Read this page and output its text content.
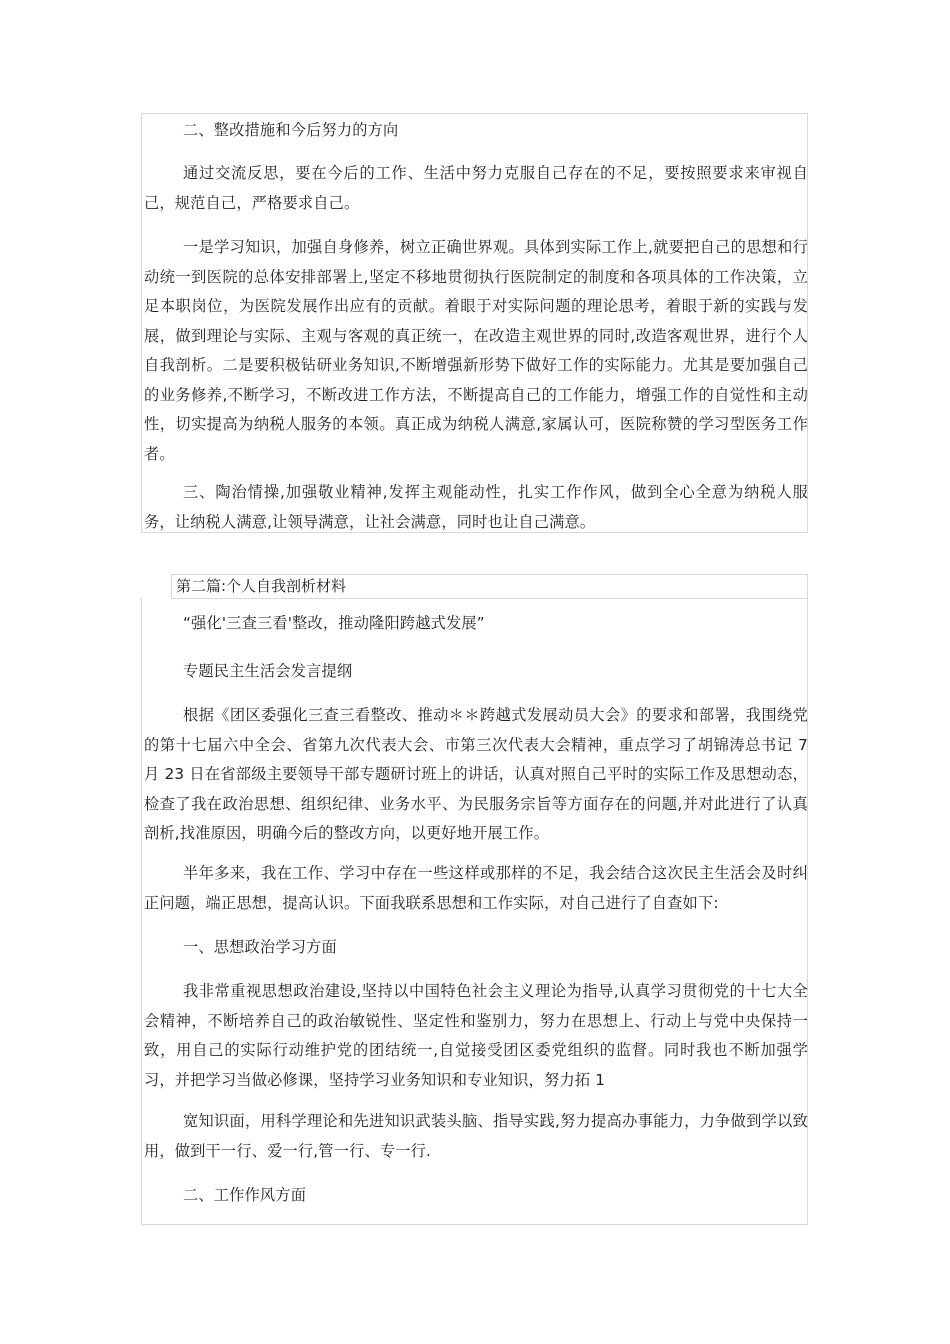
二、整改措施和今后努力的方向

通过交流反思，要在今后的工作、生活中努力克服自己存在的不足，要按照要求来审视自己，规范自己，严格要求自己。

一是学习知识，加强自身修养，树立正确世界观。具体到实际工作上,就要把自己的思想和行动统一到医院的总体安排部署上,坚定不移地贯彻执行医院制定的制度和各项具体的工作决策，立足本职岗位，为医院发展作出应有的贡献。着眼于对实际问题的理论思考，着眼于新的实践与发展，做到理论与实际、主观与客观的真正统一，在改造主观世界的同时,改造客观世界，进行个人自我剖析。二是要积极钻研业务知识,不断增强新形势下做好工作的实际能力。尤其是要加强自己的业务修养,不断学习，不断改进工作方法，不断提高自己的工作能力，增强工作的自觉性和主动性，切实提高为纳税人服务的本领。真正成为纳税人满意,家属认可，医院称赞的学习型医务工作者。

三、陶治情操,加强敬业精神,发挥主观能动性，扎实工作作风，做到全心全意为纳税人服务，让纳税人满意,让领导满意，让社会满意，同时也让自己满意。

第二篇:个人自我剖析材料

“强化'三查三看'整改，推动隆阳跨越式发展”

专题民主生活会发言提纲

根据《团区委强化三查三看整改、推动＊＊跨越式发展动员大会》的要求和部署，我围绕党的第十七届六中全会、省第九次代表大会、市第三次代表大会精神，重点学习了胡锦涛总书记 7 月 23 日在省部级主要领导干部专题研讨班上的讲话，认真对照自己平时的实际工作及思想动态，检查了我在政治思想、组织纪律、业务水平、为民服务宗旨等方面存在的问题,并对此进行了认真剖析,找准原因，明确今后的整改方向，以更好地开展工作。

半年多来，我在工作、学习中存在一些这样或那样的不足，我会结合这次民主生活会及时纠正问题，端正思想，提高认识。下面我联系思想和工作实际，对自己进行了自查如下:

一、思想政治学习方面

我非常重视思想政治建设,坚持以中国特色社会主义理论为指导,认真学习贯彻党的十七大全会精神，不断培养自己的政治敏锐性、坚定性和鉴别力，努力在思想上、行动上与党中央保持一致，用自己的实际行动维护党的团结统一,自觉接受团区委党组织的监督。同时我也不断加强学习，并把学习当做必修课，坚持学习业务知识和专业知识，努力拓 1

宽知识面，用科学理论和先进知识武装头脑、指导实践,努力提高办事能力，力争做到学以致用，做到干一行、爱一行,管一行、专一行.

二、工作作风方面
